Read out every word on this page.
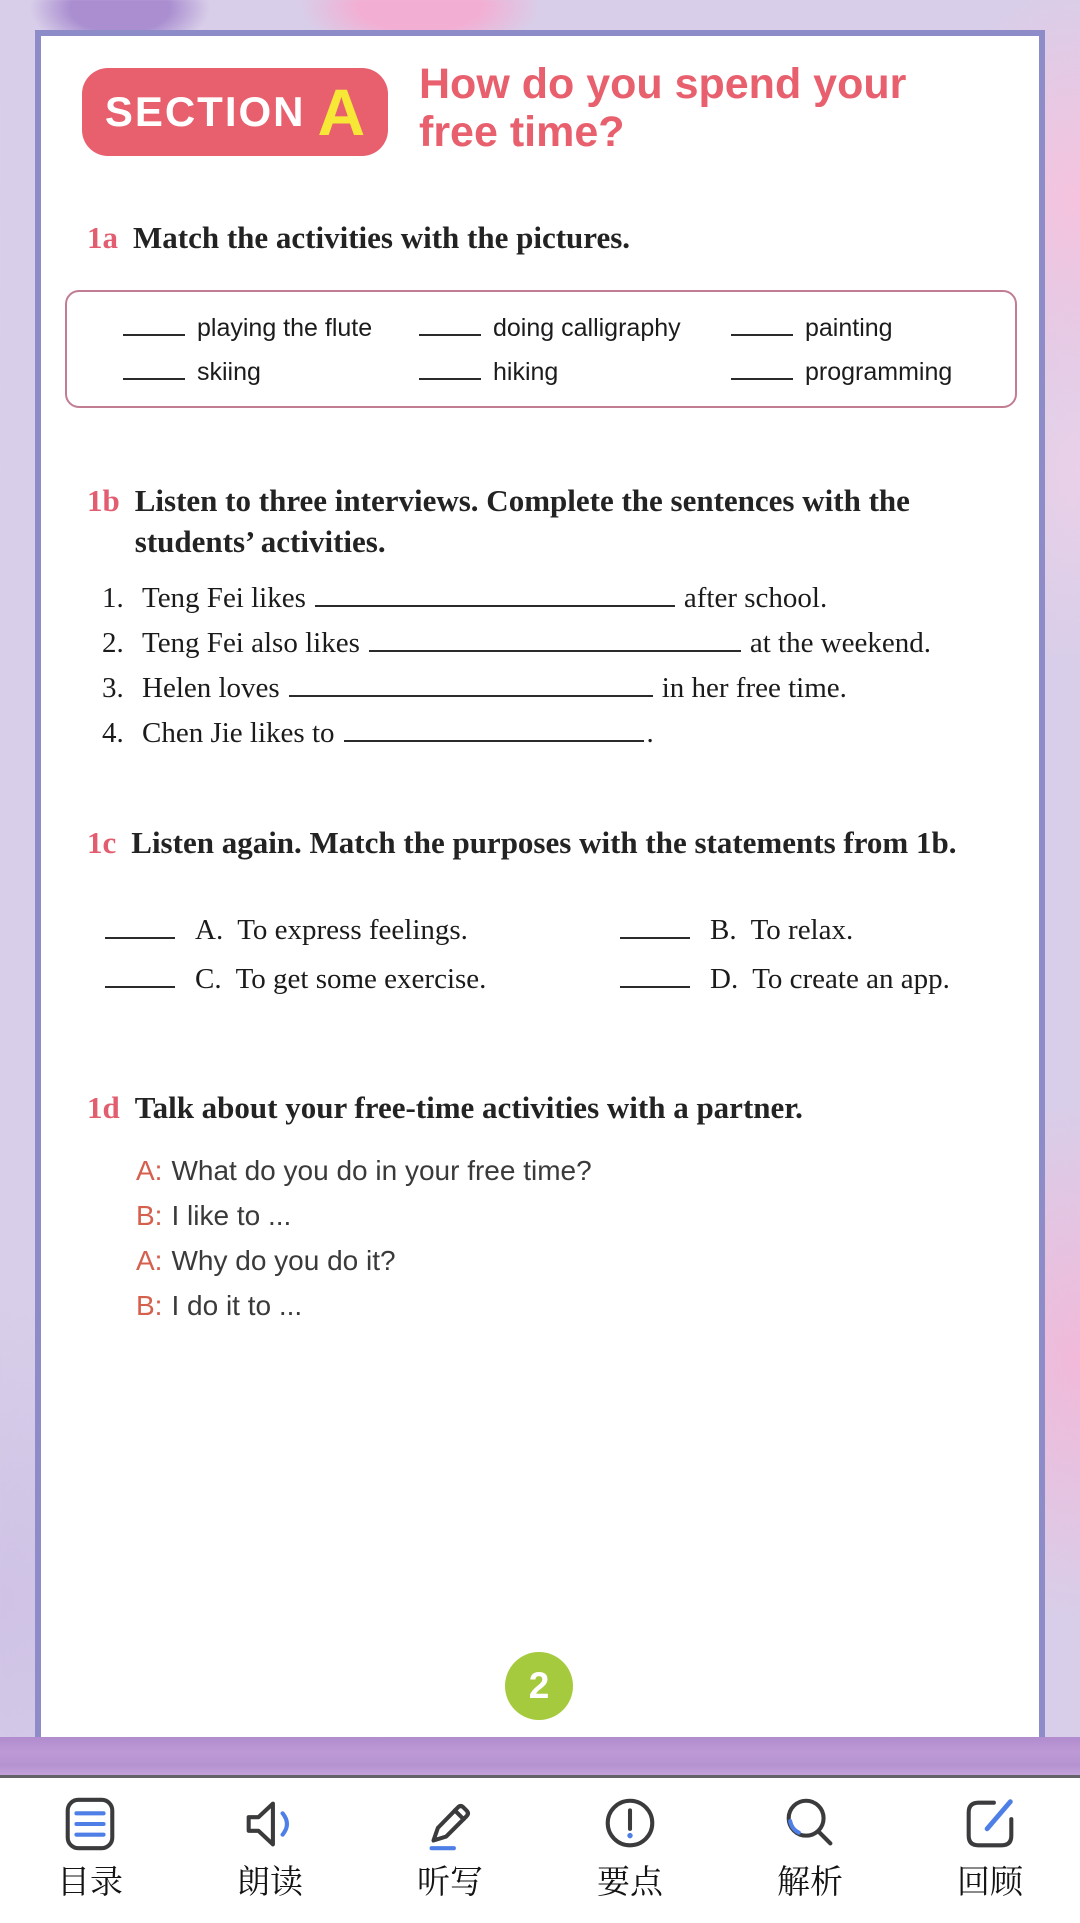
SECTION A How do you spend your
free time?
1a Match the activities with the pictures.
playing the flute	doing calligraphy	painting
skiing	hiking	programming
1b Listen to three interviews. Complete the sentences with the students’ activities.
1. Teng Fei likes	after school.
2. Teng Fei also likes	at the weekend.
3. Helen loves	in her free time.
4. Chen Jie likes to	.
1c Listen again. Match the purposes with the statements from 1b.
A. To express feelings.	B. To relax.
C. To get some exercise.	D. To create an app.
1d Talk about your free-time activities with a partner.
A: What do you do in your free time?
B: I like to ...
A: Why do you do it?
B: I do it to ...
2
目录	朗读	听写	要点	解析	回顾
